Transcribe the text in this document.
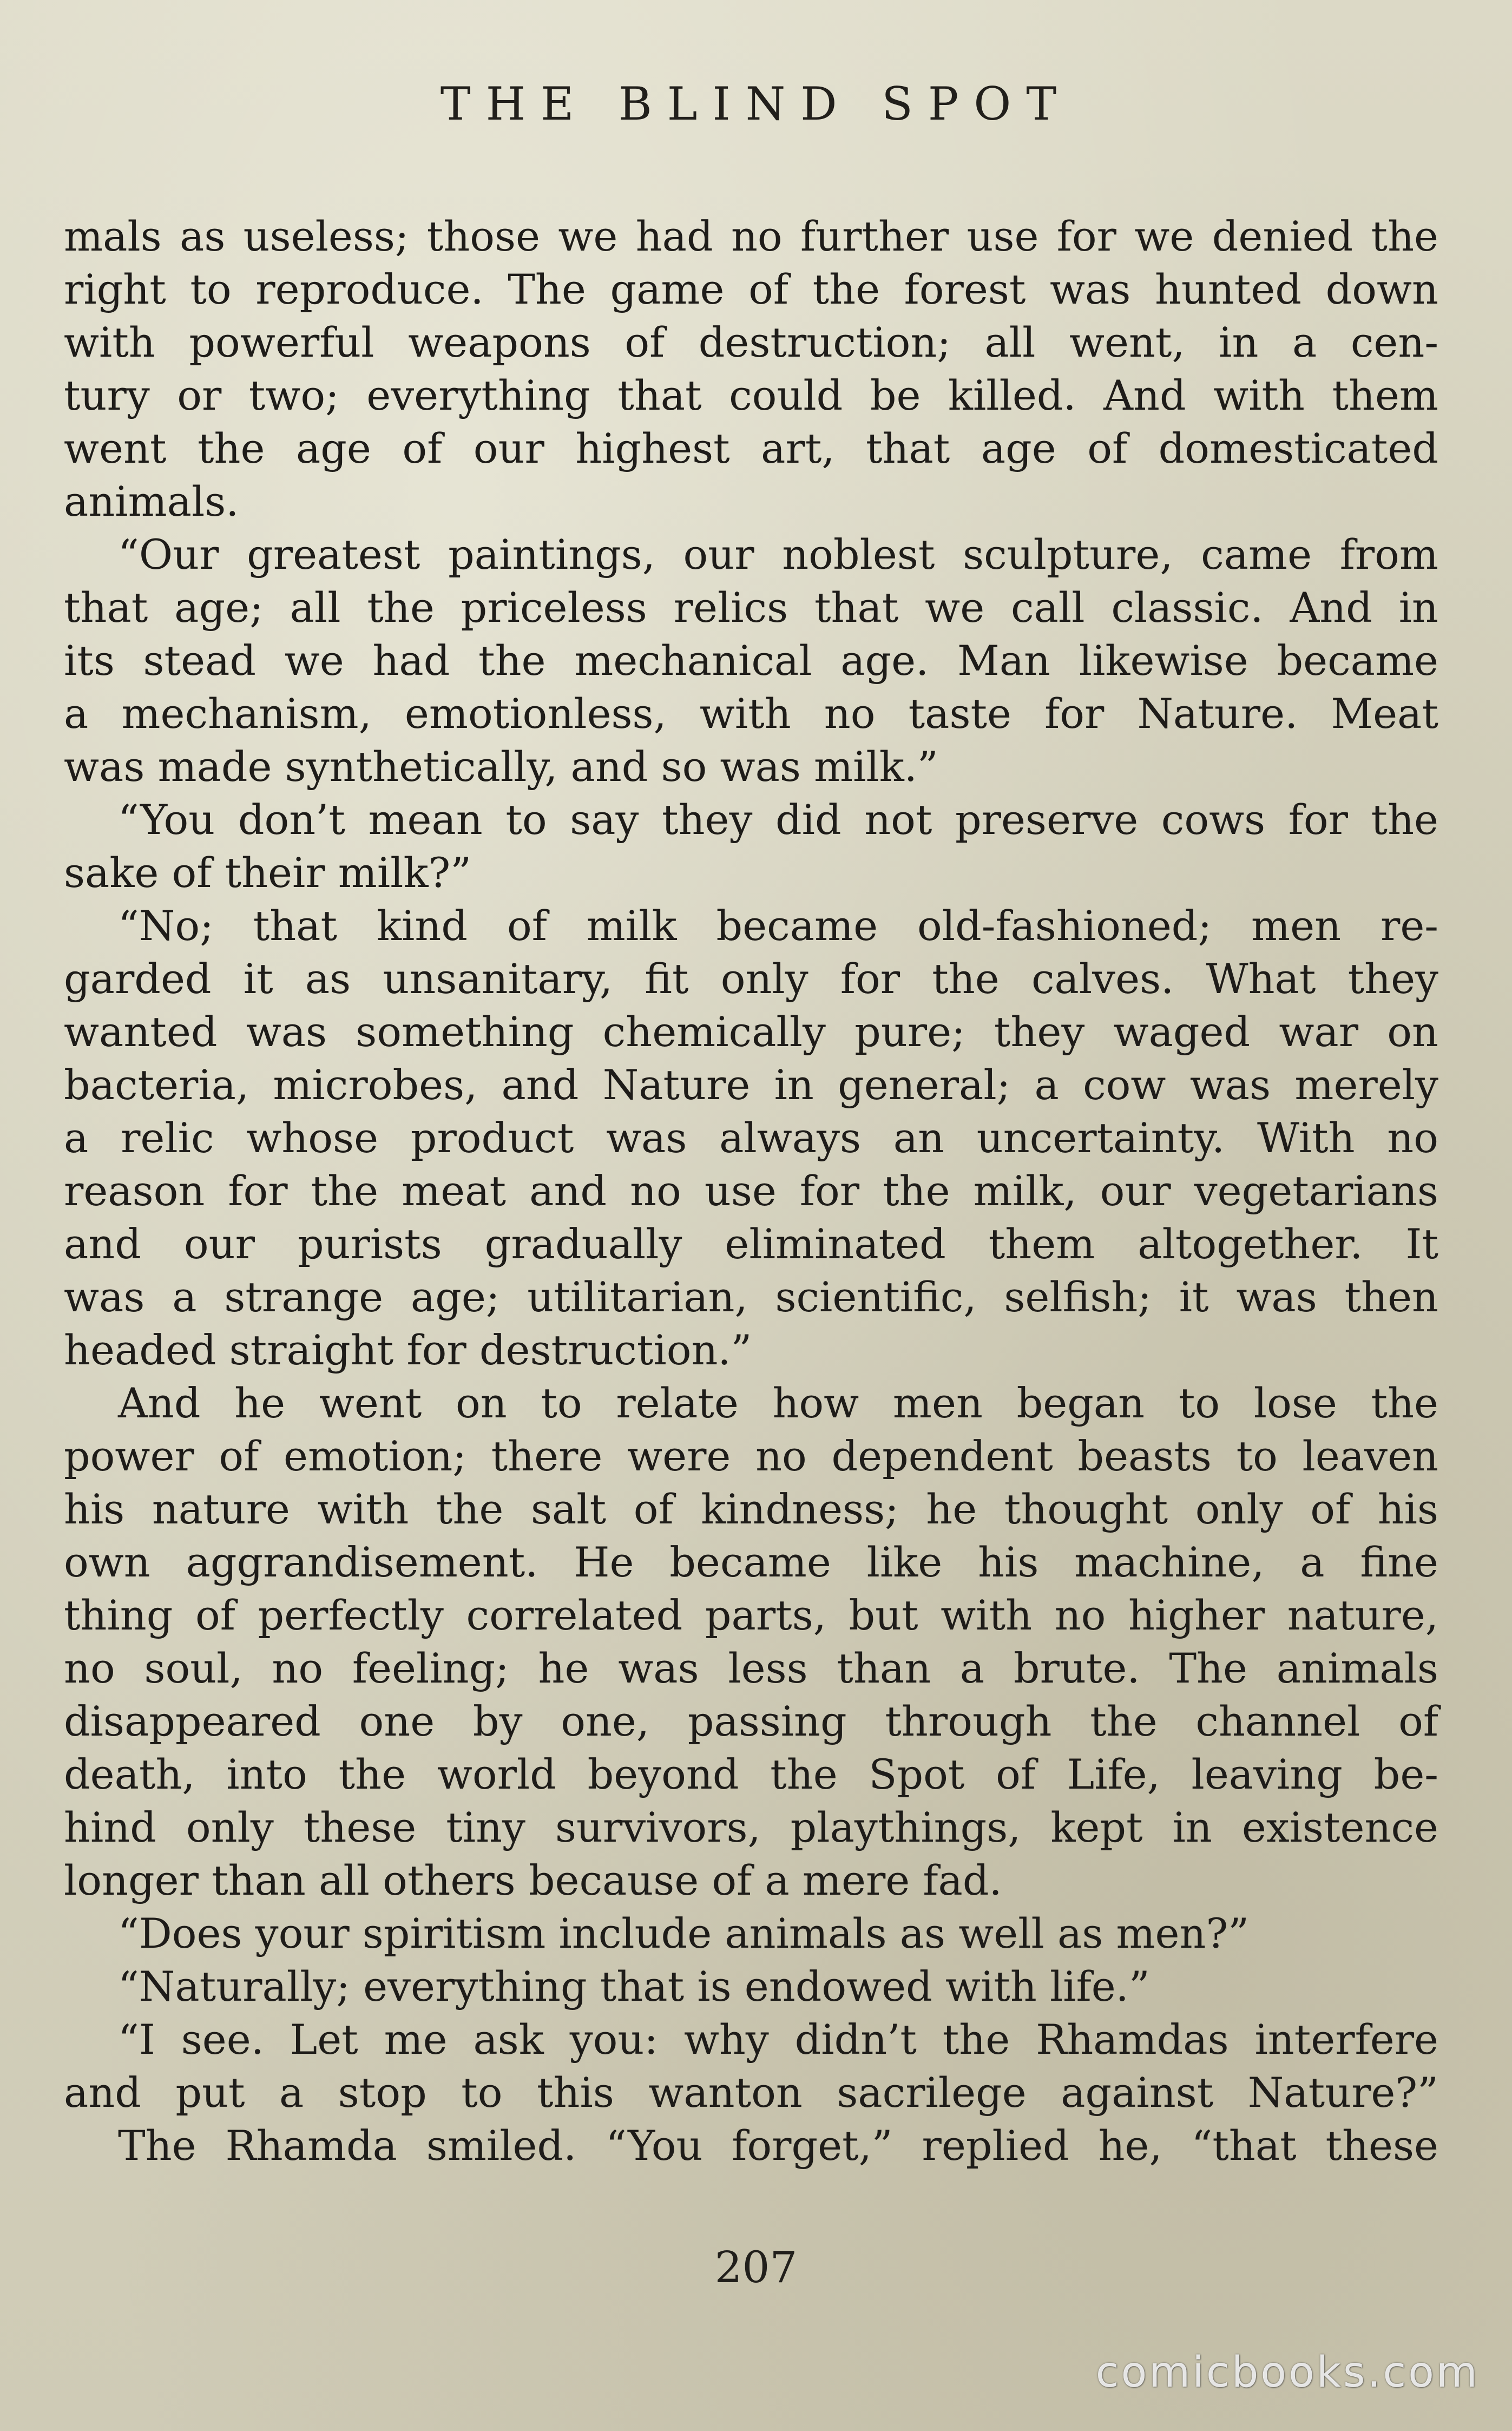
THE BLIND SPOT
mals as useless; those we had no further use for we denied the
right to reproduce. The game of the forest was hunted down
with powerful weapons of destruction; all went, in a cen-
tury or two; everything that could be killed. And with them
went the age of our highest art, that age of domesticated
animals.
“Our greatest paintings, our noblest sculpture, came from
that age; all the priceless relics that we call classic. And in
its stead we had the mechanical age. Man likewise became
a mechanism, emotionless, with no taste for Nature. Meat
was made synthetically, and so was milk.”
“You don’t mean to say they did not preserve cows for the
sake of their milk?”
“No; that kind of milk became old-fashioned; men re-
garded it as unsanitary, fit only for the calves. What they
wanted was something chemically pure; they waged war on
bacteria, microbes, and Nature in general; a cow was merely
a relic whose product was always an uncertainty. With no
reason for the meat and no use for the milk, our vegetarians
and our purists gradually eliminated them altogether. It
was a strange age; utilitarian, scientific, selfish; it was then
headed straight for destruction.”
And he went on to relate how men began to lose the
power of emotion; there were no dependent beasts to leaven
his nature with the salt of kindness; he thought only of his
own aggrandisement. He became like his machine, a fine
thing of perfectly correlated parts, but with no higher nature,
no soul, no feeling; he was less than a brute. The animals
disappeared one by one, passing through the channel of
death, into the world beyond the Spot of Life, leaving be-
hind only these tiny survivors, playthings, kept in existence
longer than all others because of a mere fad.
“Does your spiritism include animals as well as men?”
“Naturally; everything that is endowed with life.”
“I see. Let me ask you: why didn’t the Rhamdas interfere
and put a stop to this wanton sacrilege against Nature?”
The Rhamda smiled. “You forget,” replied he, “that these
207
comicbooks.com
